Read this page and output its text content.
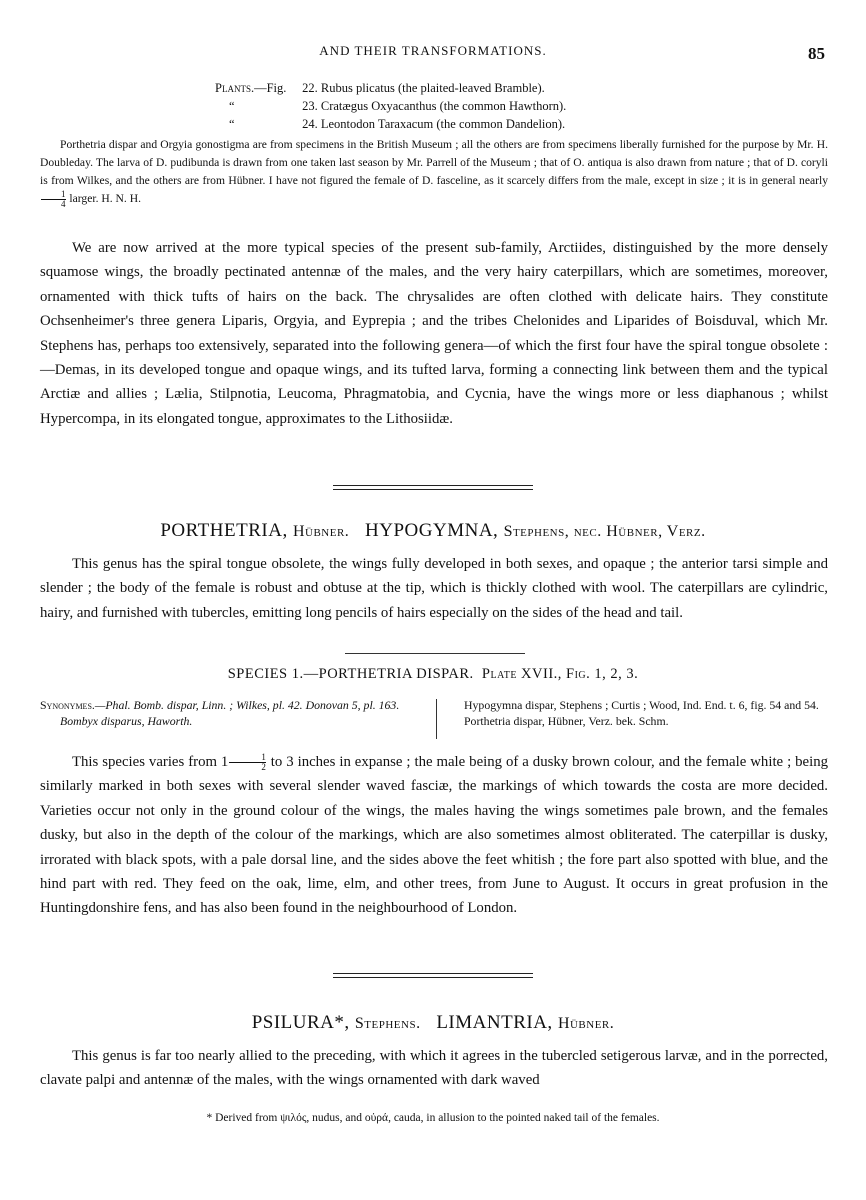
AND THEIR TRANSFORMATIONS.	85
Plants.—Fig. 22. Rubus plicatus (the plaited-leaved Bramble).
“	23. Cratægus Oxyacanthus (the common Hawthorn).
“	24. Leontodon Taraxacum (the common Dandelion).

Porthetria dispar and Orgyia gonostigma are from specimens in the British Museum ; all the others are from specimens liberally furnished for the purpose by Mr. H. Doubleday. The larva of D. pudibunda is drawn from one taken last season by Mr. Parrell of the Museum ; that of O. antiqua is also drawn from nature ; that of D. coryli is from Wilkes, and the others are from Hübner. I have not figured the female of D. fasceline, as it scarcely differs from the male, except in size ; it is in general nearly
$\frac{1}{4}$ larger. H. N. H.

We are now arrived at the more typical species of the present sub-family, Arctiides, distinguished by the more densely squamose wings, the broadly pectinated antennæ of the males, and the very hairy caterpillars, which are sometimes, moreover, ornamented with thick tufts of hairs on the back. The chrysalides are often clothed with delicate hairs. They constitute Ochsenheimer's three genera Liparis, Orgyia, and Eyprepia ; and the tribes Chelonides and Liparides of Boisduval, which Mr. Stephens has, perhaps too extensively, separated into the following genera—of which the first four have the spiral tongue obsolete :—Demas, in its developed tongue and opaque wings, and its tufted larva, forming a connecting link between them and the typical Arctiæ and allies ; Lælia, Stilpnotia, Leucoma, Phragmatobia, and Cycnia, have the wings more or less diaphanous ; whilst Hypercompa, in its elongated tongue, approximates to the Lithosiidæ.

PORTHETRIA, Hübner. HYPOGYMNA, Stephens, nec. Hübner, Verz.

This genus has the spiral tongue obsolete, the wings fully developed in both sexes, and opaque ; the anterior tarsi simple and slender ; the body of the female is robust and obtuse at the tip, which is thickly clothed with wool. The caterpillars are cylindric, hairy, and furnished with tubercles, emitting long pencils of hairs especially on the sides of the head and tail.

SPECIES 1.—PORTHETRIA DISPAR. Plate XVII., Fig. 1, 2, 3.

Synonymes.—Phal. Bomb. dispar, Linn. ; Wilkes, pl. 42. Donovan 5, pl. 163.

Bombyx disparus, Haworth.

Hypogymna dispar, Stephens ; Curtis ; Wood, Ind. End. t. 6, fig. 54 and 54.

Porthetria dispar, Hübner, Verz. bek. Schm.

This species varies from $1 \frac{1}{2}$ to 3 inches in expanse ; the male being of a dusky brown colour, and the female white ; being similarly marked in both sexes with several slender waved fasciæ, the markings of which towards the costa are more decided. Varieties occur not only in the ground colour of the wings, the males having the wings sometimes pale brown, and the females dusky, but also in the depth of the colour of the markings, which are also sometimes almost obliterated. The caterpillar is dusky, irrorated with black spots, with a pale dorsal line, and the sides above the feet whitish ; the fore part also spotted with blue, and the hind part with red. They feed on the oak, lime, elm, and other trees, from June to August. It occurs in great profusion in the Huntingdonshire fens, and has also been found in the neighbourhood of London.

PSILURA*, Stephens. LIMANTRIA, Hübner.

This genus is far too nearly allied to the preceding, with which it agrees in the tubercled setigerous larvæ, and in the porrected, clavate palpi and antennæ of the males, with the wings ornamented with dark waved

* Derived from ψιλός, nudus, and οὐρά, cauda, in allusion to the pointed naked tail of the females.
